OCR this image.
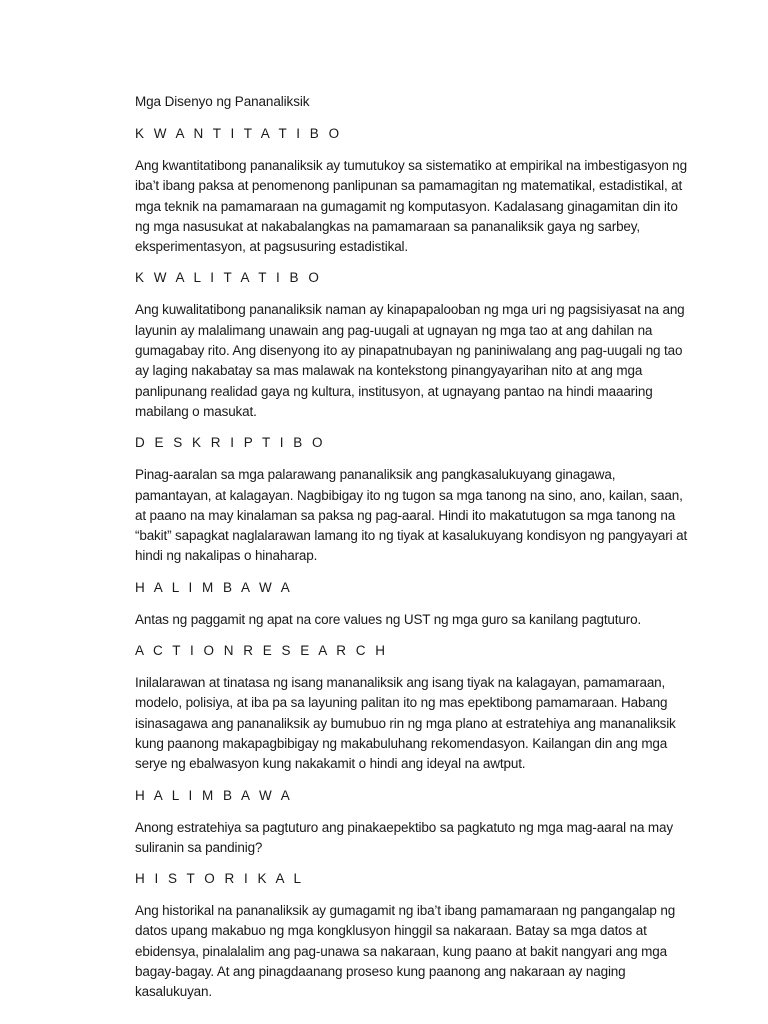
Mga Disenyo ng Pananaliksik
K W A N T I T A T I B O

Ang kwantitatibong pananaliksik ay tumutukoy sa sistematiko at empirikal na imbestigasyon ng iba’t ibang paksa at penomenong panlipunan sa pamamagitan ng matematikal, estadistikal, at mga teknik na pamamaraan na gumagamit ng komputasyon. Kadalasang ginagamitan din ito ng mga nasusukat at nakabalangkas na pamamaraan sa pananaliksik gaya ng sarbey, eksperimentasyon, at pagsusuring estadistikal.

K W A L I T A T I B O

Ang kuwalitatibong pananaliksik naman ay kinapapalooban ng mga uri ng pagsisiyasat na ang layunin ay malalimang unawain ang pag-uugali at ugnayan ng mga tao at ang dahilan na gumagabay rito. Ang disenyong ito ay pinapatnubayan ng paniniwalang ang pag-uugali ng tao ay laging nakabatay sa mas malawak na kontekstong pinangyayarihan nito at ang mga panlipunang realidad gaya ng kultura, institusyon, at ugnayang pantao na hindi maaaring mabilang o masukat.

D E S K R I P T I B O

Pinag-aaralan sa mga palarawang pananaliksik ang pangkasalukuyang ginagawa, pamantayan, at kalagayan. Nagbibigay ito ng tugon sa mga tanong na sino, ano, kailan, saan, at paano na may kinalaman sa paksa ng pag-aaral. Hindi ito makatutugon sa mga tanong na “bakit” sapagkat naglalarawan lamang ito ng tiyak at kasalukuyang kondisyon ng pangyayari at hindi ng nakalipas o hinaharap.

H A L I M B A W A

Antas ng paggamit ng apat na core values ng UST ng mga guro sa kanilang pagtuturo.

A C T I O N R E S E A R C H

Inilalarawan at tinatasa ng isang mananaliksik ang isang tiyak na kalagayan, pamamaraan, modelo, polisiya, at iba pa sa layuning palitan ito ng mas epektibong pamamaraan. Habang isinasagawa ang pananaliksik ay bumubuo rin ng mga plano at estratehiya ang mananaliksik kung paanong makapagbibigay ng makabuluhang rekomendasyon. Kailangan din ang mga serye ng ebalwasyon kung nakakamit o hindi ang ideyal na awtput.

H A L I M B A W A

Anong estratehiya sa pagtuturo ang pinakaepektibo sa pagkatuto ng mga mag-aaral na may suliranin sa pandinig?

H I S T O R I K A L

Ang historikal na pananaliksik ay gumagamit ng iba’t ibang pamamaraan ng pangangalap ng datos upang makabuo ng mga kongklusyon hinggil sa nakaraan. Batay sa mga datos at ebidensya, pinalalalim ang pag-unawa sa nakaraan, kung paano at bakit nangyari ang mga bagay-bagay. At ang pinagdaanang proseso kung paanong ang nakaraan ay naging kasalukuyan.
